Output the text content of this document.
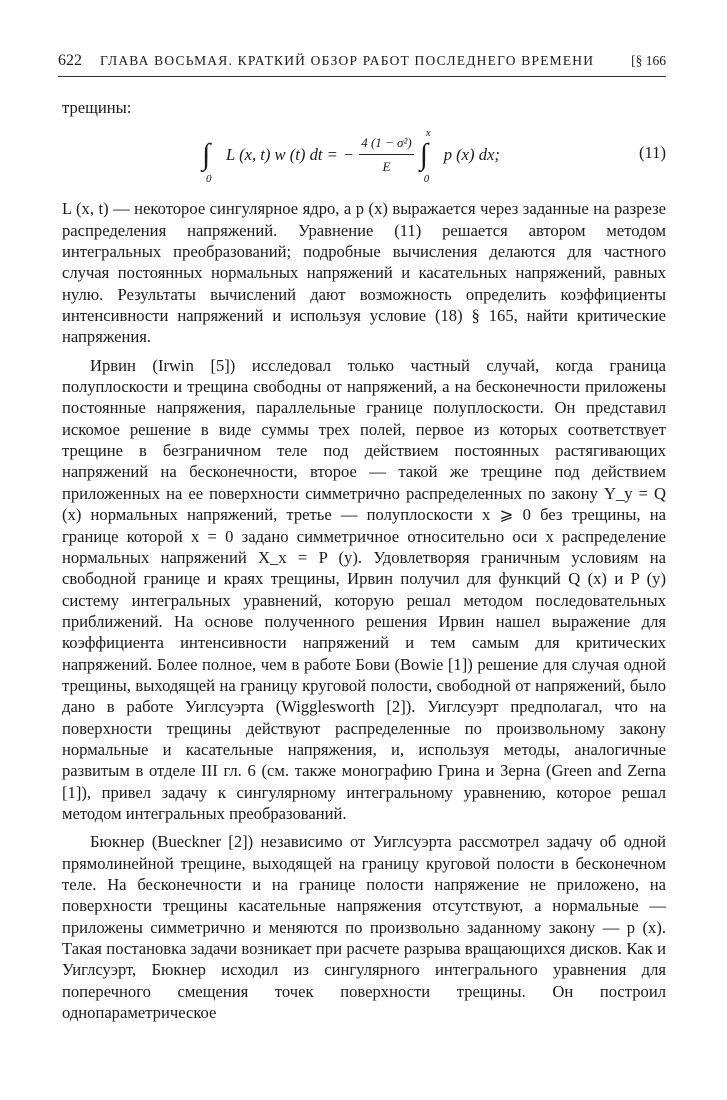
622	ГЛАВА ВОСЬМАЯ. КРАТКИЙ ОБЗОР РАБОТ ПОСЛЕДНЕГО ВРЕМЕНИ	[§ 166

трещины:

∫
0
L (x, t) w (t) dt = − $\frac{\text{4 (1 − σ²)}}{E}$ ∫
x
0
p (x) dx;	(11)

L (x, t) — некоторое сингулярное ядро, а p (x) выражается через заданные на разрезе распределения напряжений. Уравнение (11) решается автором методом интегральных преобразований; подробные вычисления делаются для частного случая постоянных нормальных напряжений и касательных напряжений, равных нулю. Результаты вычислений дают возможность определить коэффициенты интенсивности напряжений и используя условие (18) § 165, найти критические напряжения.

Ирвин (Irwin [5]) исследовал только частный случай, когда граница полуплоскости и трещина свободны от напряжений, а на бесконечности приложены постоянные напряжения, параллельные границе полуплоскости. Он представил искомое решение в виде суммы трех полей, первое из которых соответствует трещине в безграничном теле под действием постоянных растягивающих напряжений на бесконечности, второе — такой же трещине под действием приложенных на ее поверхности симметрично распределенных по закону Y_y = Q (x) нормальных напряжений, третье — полуплоскости x ⩾ 0 без трещины, на границе которой x = 0 задано симметричное относительно оси x распределение нормальных напряжений X_x = P (y). Удовлетворяя граничным условиям на свободной границе и краях трещины, Ирвин получил для функций Q (x) и P (y) систему интегральных уравнений, которую решал методом последовательных приближений. На основе полученного решения Ирвин нашел выражение для коэффициента интенсивности напряжений и тем самым для критических напряжений. Более полное, чем в работе Бови (Bowie [1]) решение для случая одной трещины, выходящей на границу круговой полости, свободной от напряжений, было дано в работе Уиглсуэрта (Wigglesworth [2]). Уиглсуэрт предполагал, что на поверхности трещины действуют распределенные по произвольному закону нормальные и касательные напряжения, и, используя методы, аналогичные развитым в отделе III гл. 6 (см. также монографию Грина и Зерна (Green and Zerna [1]), привел задачу к сингулярному интегральному уравнению, которое решал методом интегральных преобразований.

Бюкнер (Bueckner [2]) независимо от Уиглсуэрта рассмотрел задачу об одной прямолинейной трещине, выходящей на границу круговой полости в бесконечном теле. На бесконечности и на границе полости напряжение не приложено, на поверхности трещины касательные напряжения отсутствуют, а нормальные — приложены симметрично и меняются по произвольно заданному закону — p (x). Такая постановка задачи возникает при расчете разрыва вращающихся дисков. Как и Уиглсуэрт, Бюкнер исходил из сингулярного интегрального уравнения для поперечного смещения точек поверхности трещины. Он построил однопараметрическое
